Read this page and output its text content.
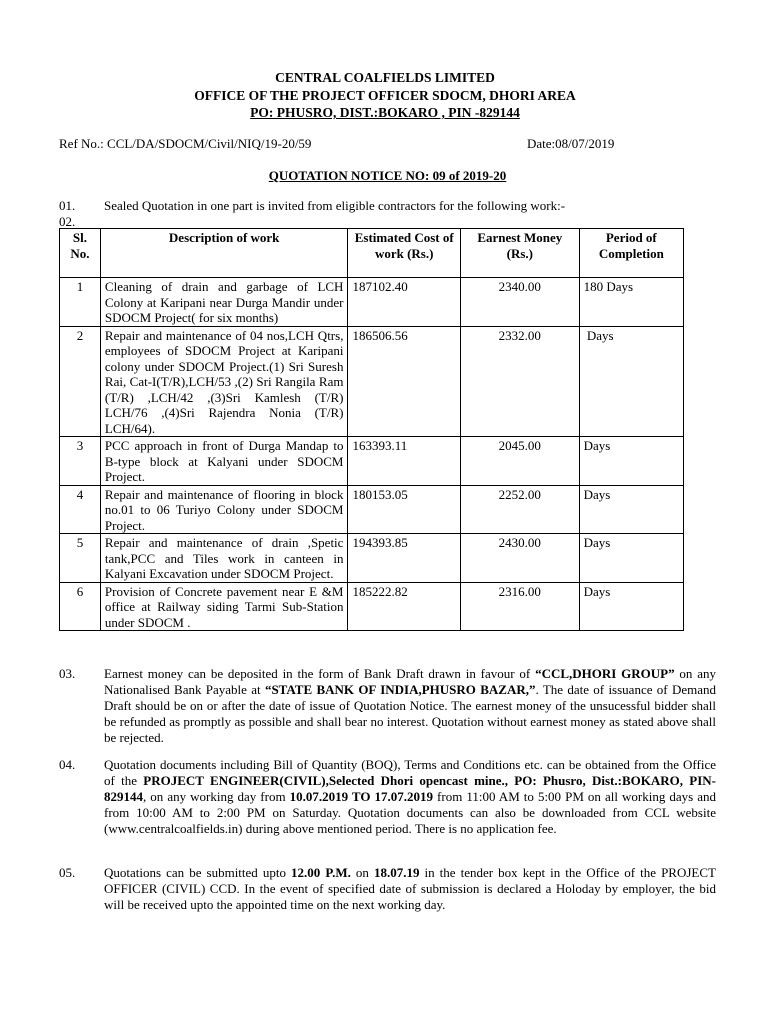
CENTRAL COALFIELDS LIMITED
OFFICE OF THE PROJECT OFFICER SDOCM, DHORI AREA
PO: PHUSRO, DIST.:BOKARO , PIN -829144
Ref No.: CCL/DA/SDOCM/Civil/NIQ/19-20/59	Date:08/07/2019
QUOTATION NOTICE NO: 09 of 2019-20
01. Sealed Quotation in one part is invited from eligible contractors for the following work:-
02.
Sl. No.	Description of work	Estimated Cost of work (Rs.)	Earnest Money (Rs.)	Period of Completion
1	Cleaning of drain and garbage of LCH Colony at Karipani near Durga Mandir under SDOCM Project( for six months)	187102.40	2340.00	180 Days
2	Repair and maintenance of 04 nos,LCH Qtrs, employees of SDOCM Project at Karipani colony under SDOCM Project.(1) Sri Suresh Rai, Cat-I(T/R),LCH/53 ,(2) Sri Rangila Ram (T/R) ,LCH/42 ,(3)Sri Kamlesh (T/R) LCH/76 ,(4)Sri Rajendra Nonia (T/R) LCH/64).	186506.56	2332.00	Days
3	PCC approach in front of Durga Mandap to B-type block at Kalyani under SDOCM Project.	163393.11	2045.00	Days
4	Repair and maintenance of flooring in block no.01 to 06 Turiyo Colony under SDOCM Project.	180153.05	2252.00	Days
5	Repair and maintenance of drain ,Spetic tank,PCC and Tiles work in canteen in Kalyani Excavation under SDOCM Project.	194393.85	2430.00	Days
6	Provision of Concrete pavement near E &M office at Railway siding Tarmi Sub-Station under SDOCM .	185222.82	2316.00	Days
03. Earnest money can be deposited in the form of Bank Draft drawn in favour of “CCL,DHORI GROUP” on any Nationalised Bank Payable at “STATE BANK OF INDIA,PHUSRO BAZAR,”. The date of issuance of Demand Draft should be on or after the date of issue of Quotation Notice. The earnest money of the unsucessful bidder shall be refunded as promptly as possible and shall bear no interest. Quotation without earnest money as stated above shall be rejected.
04. Quotation documents including Bill of Quantity (BOQ), Terms and Conditions etc. can be obtained from the Office of the PROJECT ENGINEER(CIVIL),Selected Dhori opencast mine., PO: Phusro, Dist.:BOKARO, PIN-829144, on any working day from 10.07.2019 TO 17.07.2019 from 11:00 AM to 5:00 PM on all working days and from 10:00 AM to 2:00 PM on Saturday. Quotation documents can also be downloaded from CCL website (www.centralcoalfields.in) during above mentioned period. There is no application fee.
05. Quotations can be submitted upto 12.00 P.M. on 18.07.19 in the tender box kept in the Office of the PROJECT OFFICER (CIVIL) CCD. In the event of specified date of submission is declared a Holoday by employer, the bid will be received upto the appointed time on the next working day.
